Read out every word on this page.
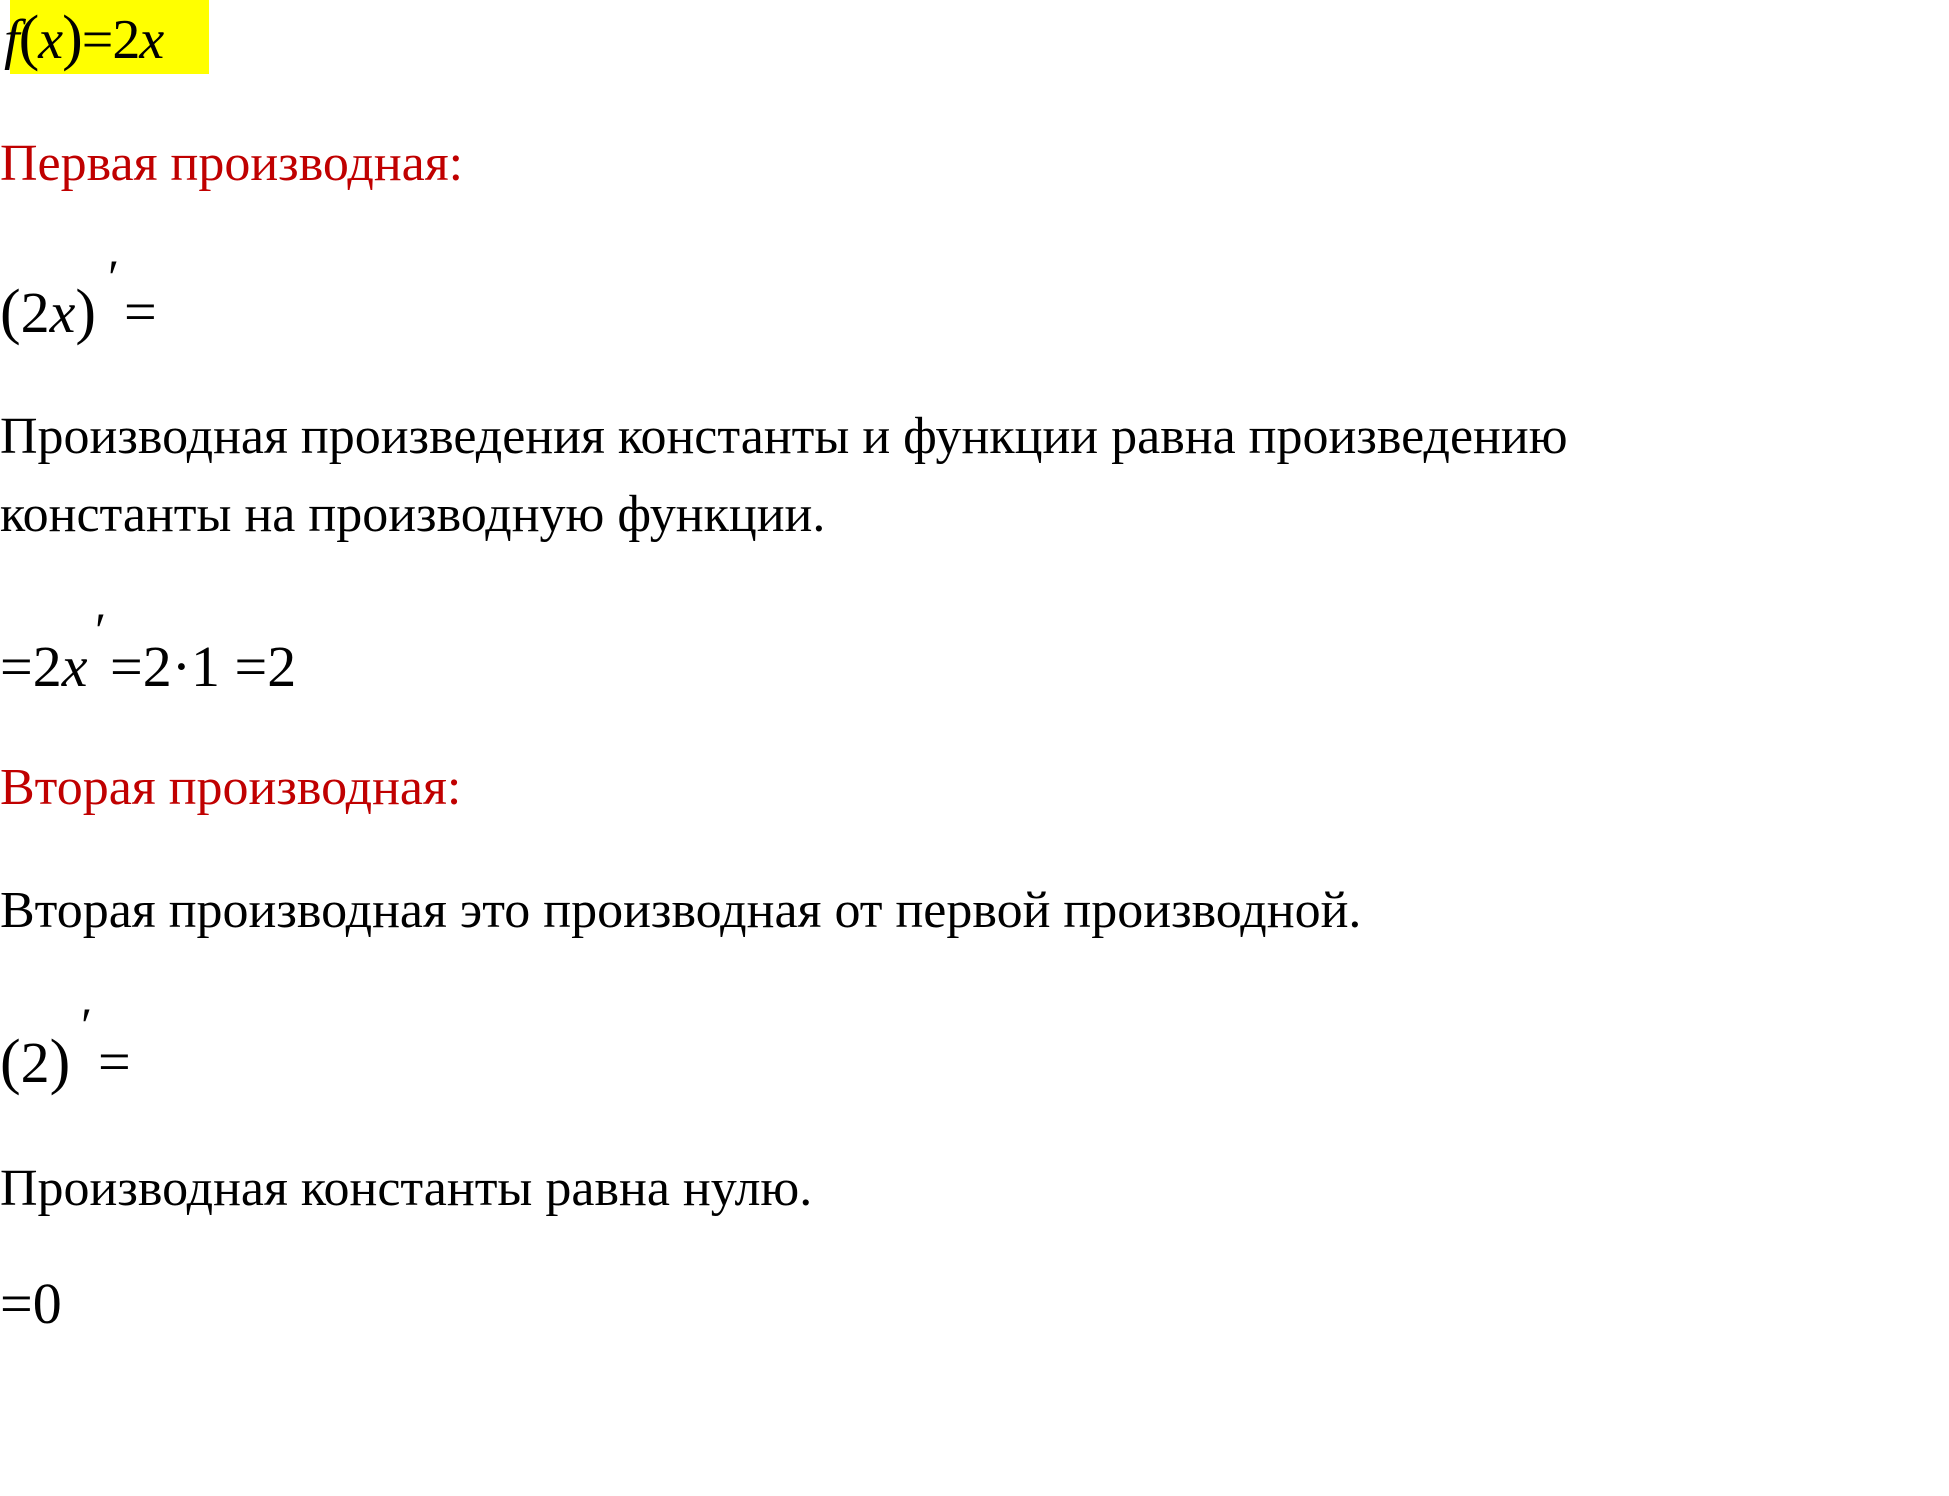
f(x)=2x
Первая производная:
(2x)
′
=
Производная произведения константы и функции равна произведению
константы на производную функции.
=2x
′
=2·1 =2
Вторая производная:
Вторая производная это производная от первой производной.
(2)
′
=
Производная константы равна нулю.
=0
